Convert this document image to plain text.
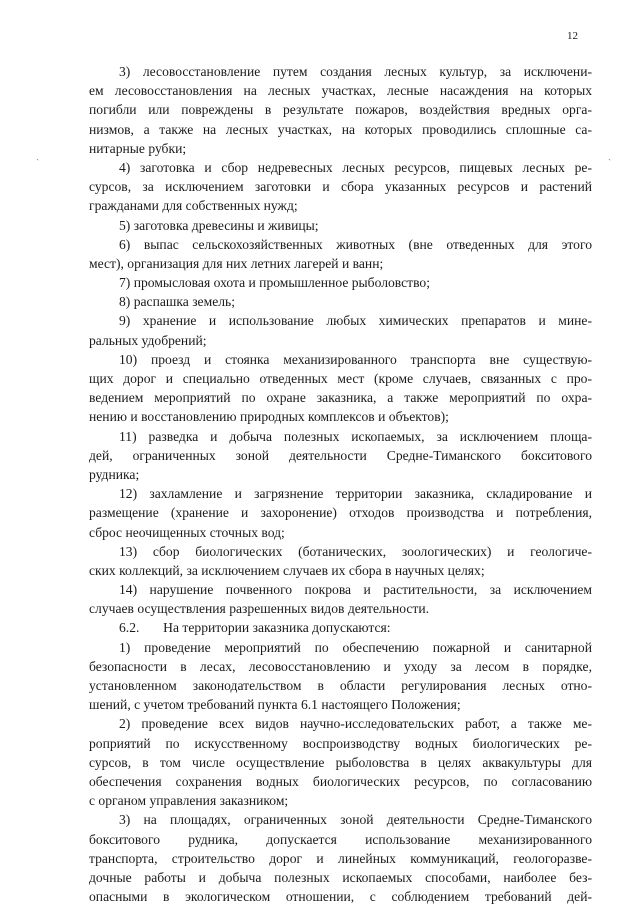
12
ˎ	ˎ
3) лесовосстановление путем создания лесных культур, за исключени-
ем лесовосстановления на лесных участках, лесные насаждения на которых
погибли или повреждены в результате пожаров, воздействия вредных орга-
низмов, а также на лесных участках, на которых проводились сплошные са-
нитарные рубки;
4) заготовка и сбор недревесных лесных ресурсов, пищевых лесных ре-
сурсов, за исключением заготовки и сбора указанных ресурсов и растений
гражданами для собственных нужд;
5) заготовка древесины и живицы;
6) выпас сельскохозяйственных животных (вне отведенных для этого
мест), организация для них летних лагерей и ванн;
7) промысловая охота и промышленное рыболовство;
8) распашка земель;
9) хранение и использование любых химических препаратов и мине-
ральных удобрений;
10) проезд и стоянка механизированного транспорта вне существую-
щих дорог и специально отведенных мест (кроме случаев, связанных с про-
ведением мероприятий по охране заказника, а также мероприятий по охра-
нению и восстановлению природных комплексов и объектов);
11) разведка и добыча полезных ископаемых, за исключением площа-
дей, ограниченных зоной деятельности Средне-Тиманского бокситового
рудника;
12) захламление и загрязнение территории заказника, складирование и
размещение (хранение и захоронение) отходов производства и потребления,
сброс неочищенных сточных вод;
13) сбор биологических (ботанических, зоологических) и геологиче-
ских коллекций, за исключением случаев их сбора в научных целях;
14) нарушение почвенного покрова и растительности, за исключением
случаев осуществления разрешенных видов деятельности.
6.2.       На территории заказника допускаются:
1) проведение мероприятий по обеспечению пожарной и санитарной
безопасности в лесах, лесовосстановлению и уходу за лесом в порядке,
установленном законодательством в области регулирования лесных отно-
шений, с учетом требований пункта 6.1 настоящего Положения;
2) проведение всех видов научно-исследовательских работ, а также ме-
роприятий по искусственному воспроизводству водных биологических ре-
сурсов, в том числе осуществление рыболовства в целях аквакультуры для
обеспечения сохранения водных биологических ресурсов, по согласованию
с органом управления заказником;
3) на площадях, ограниченных зоной деятельности Средне-Тиманского
бокситового рудника, допускается использование механизированного
транспорта, строительство дорог и линейных коммуникаций, геологоразве-
дочные работы и добыча полезных ископаемых способами, наиболее без-
опасными в экологическом отношении, с соблюдением требований дей-
